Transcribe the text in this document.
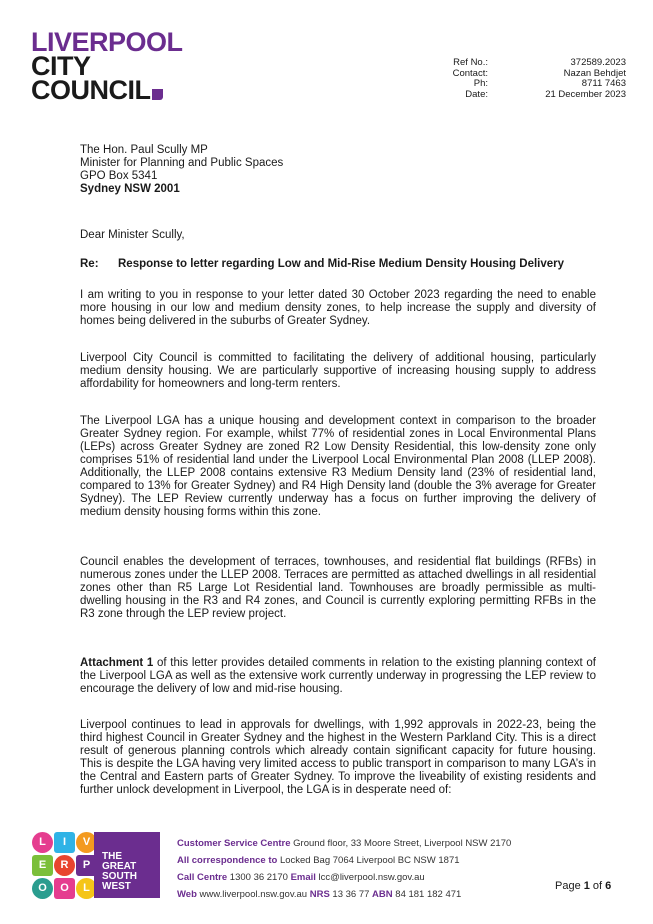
LIVERPOOL
CITY
COUNCIL
Ref No.:	372589.2023
Contact:	Nazan Behdjet
Ph:	8711 7463
Date:	21 December 2023
The Hon. Paul Scully MP
Minister for Planning and Public Spaces
GPO Box 5341
Sydney NSW 2001
Dear Minister Scully,
Re: Response to letter regarding Low and Mid-Rise Medium Density Housing Delivery
I am writing to you in response to your letter dated 30 October 2023 regarding the need to enable more housing in our low and medium density zones, to help increase the supply and diversity of homes being delivered in the suburbs of Greater Sydney.
Liverpool City Council is committed to facilitating the delivery of additional housing, particularly medium density housing. We are particularly supportive of increasing housing supply to address affordability for homeowners and long-term renters.
The Liverpool LGA has a unique housing and development context in comparison to the broader Greater Sydney region. For example, whilst 77% of residential zones in Local Environmental Plans (LEPs) across Greater Sydney are zoned R2 Low Density Residential, this low-density zone only comprises 51% of residential land under the Liverpool Local Environmental Plan 2008 (LLEP 2008). Additionally, the LLEP 2008 contains extensive R3 Medium Density land (23% of residential land, compared to 13% for Greater Sydney) and R4 High Density land (double the 3% average for Greater Sydney). The LEP Review currently underway has a focus on further improving the delivery of medium density housing forms within this zone.
Council enables the development of terraces, townhouses, and residential flat buildings (RFBs) in numerous zones under the LLEP 2008. Terraces are permitted as attached dwellings in all residential zones other than R5 Large Lot Residential land. Townhouses are broadly permissible as multi-dwelling housing in the R3 and R4 zones, and Council is currently exploring permitting RFBs in the R3 zone through the LEP review project.
Attachment 1 of this letter provides detailed comments in relation to the existing planning context of the Liverpool LGA as well as the extensive work currently underway in progressing the LEP review to encourage the delivery of low and mid-rise housing.
Liverpool continues to lead in approvals for dwellings, with 1,992 approvals in 2022-23, being the third highest Council in Greater Sydney and the highest in the Western Parkland City. This is a direct result of generous planning controls which already contain significant capacity for future housing. This is despite the LGA having very limited access to public transport in comparison to many LGA’s in the Central and Eastern parts of Greater Sydney. To improve the liveability of existing residents and further unlock development in Liverpool, the LGA is in desperate need of:
L	I	V
E	R	P
O	O	L
THE
GREAT
SOUTH
WEST
Customer Service Centre Ground floor, 33 Moore Street, Liverpool NSW 2170
All correspondence to Locked Bag 7064 Liverpool BC NSW 1871
Call Centre 1300 36 2170 Email lcc@liverpool.nsw.gov.au
Web www.liverpool.nsw.gov.au NRS 13 36 77 ABN 84 181 182 471
Page 1 of 6
